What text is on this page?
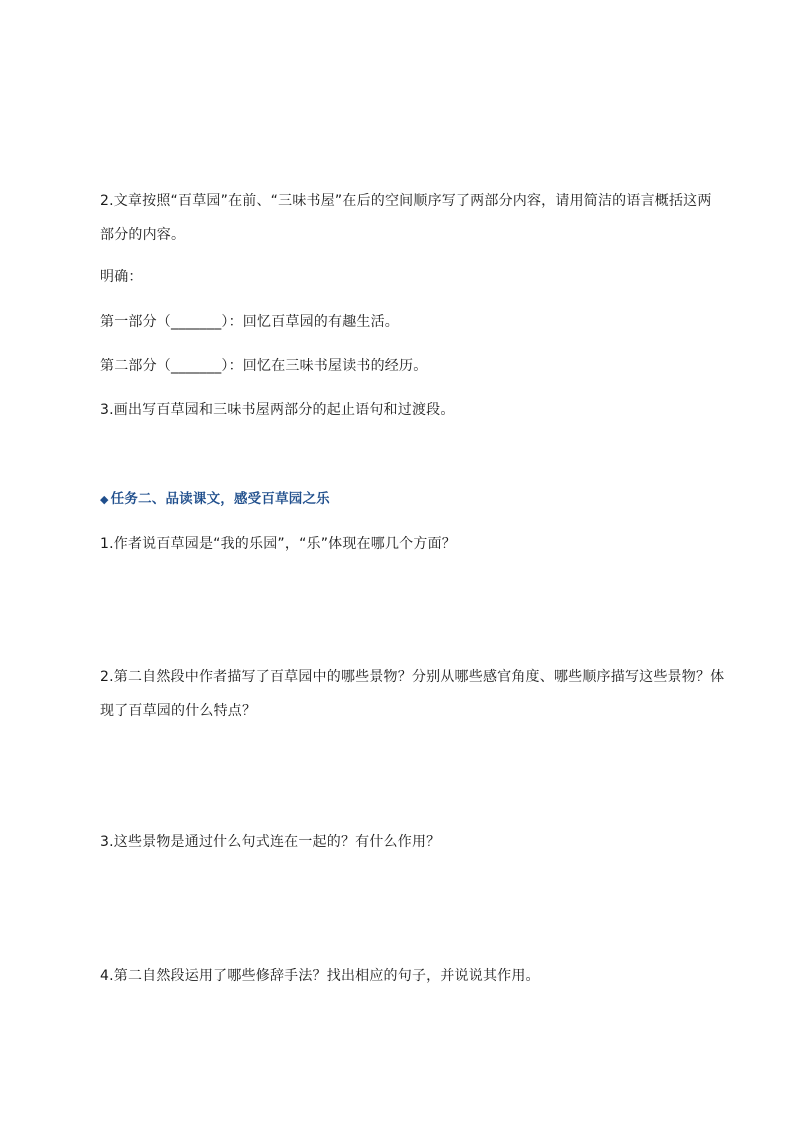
2.文章按照“百草园”在前、“三味书屋”在后的空间顺序写了两部分内容，请用简洁的语言概括这两
部分的内容。
明确：
第一部分（_______）：回忆百草园的有趣生活。
第二部分（_______）：回忆在三味书屋读书的经历。
3.画出写百草园和三味书屋两部分的起止语句和过渡段。
◆ 任务二、品读课文，感受百草园之乐
1.作者说百草园是“我的乐园”，“乐”体现在哪几个方面？
2.第二自然段中作者描写了百草园中的哪些景物？分别从哪些感官角度、哪些顺序描写这些景物？体
现了百草园的什么特点？
3.这些景物是通过什么句式连在一起的？有什么作用？
4.第二自然段运用了哪些修辞手法？找出相应的句子，并说说其作用。
